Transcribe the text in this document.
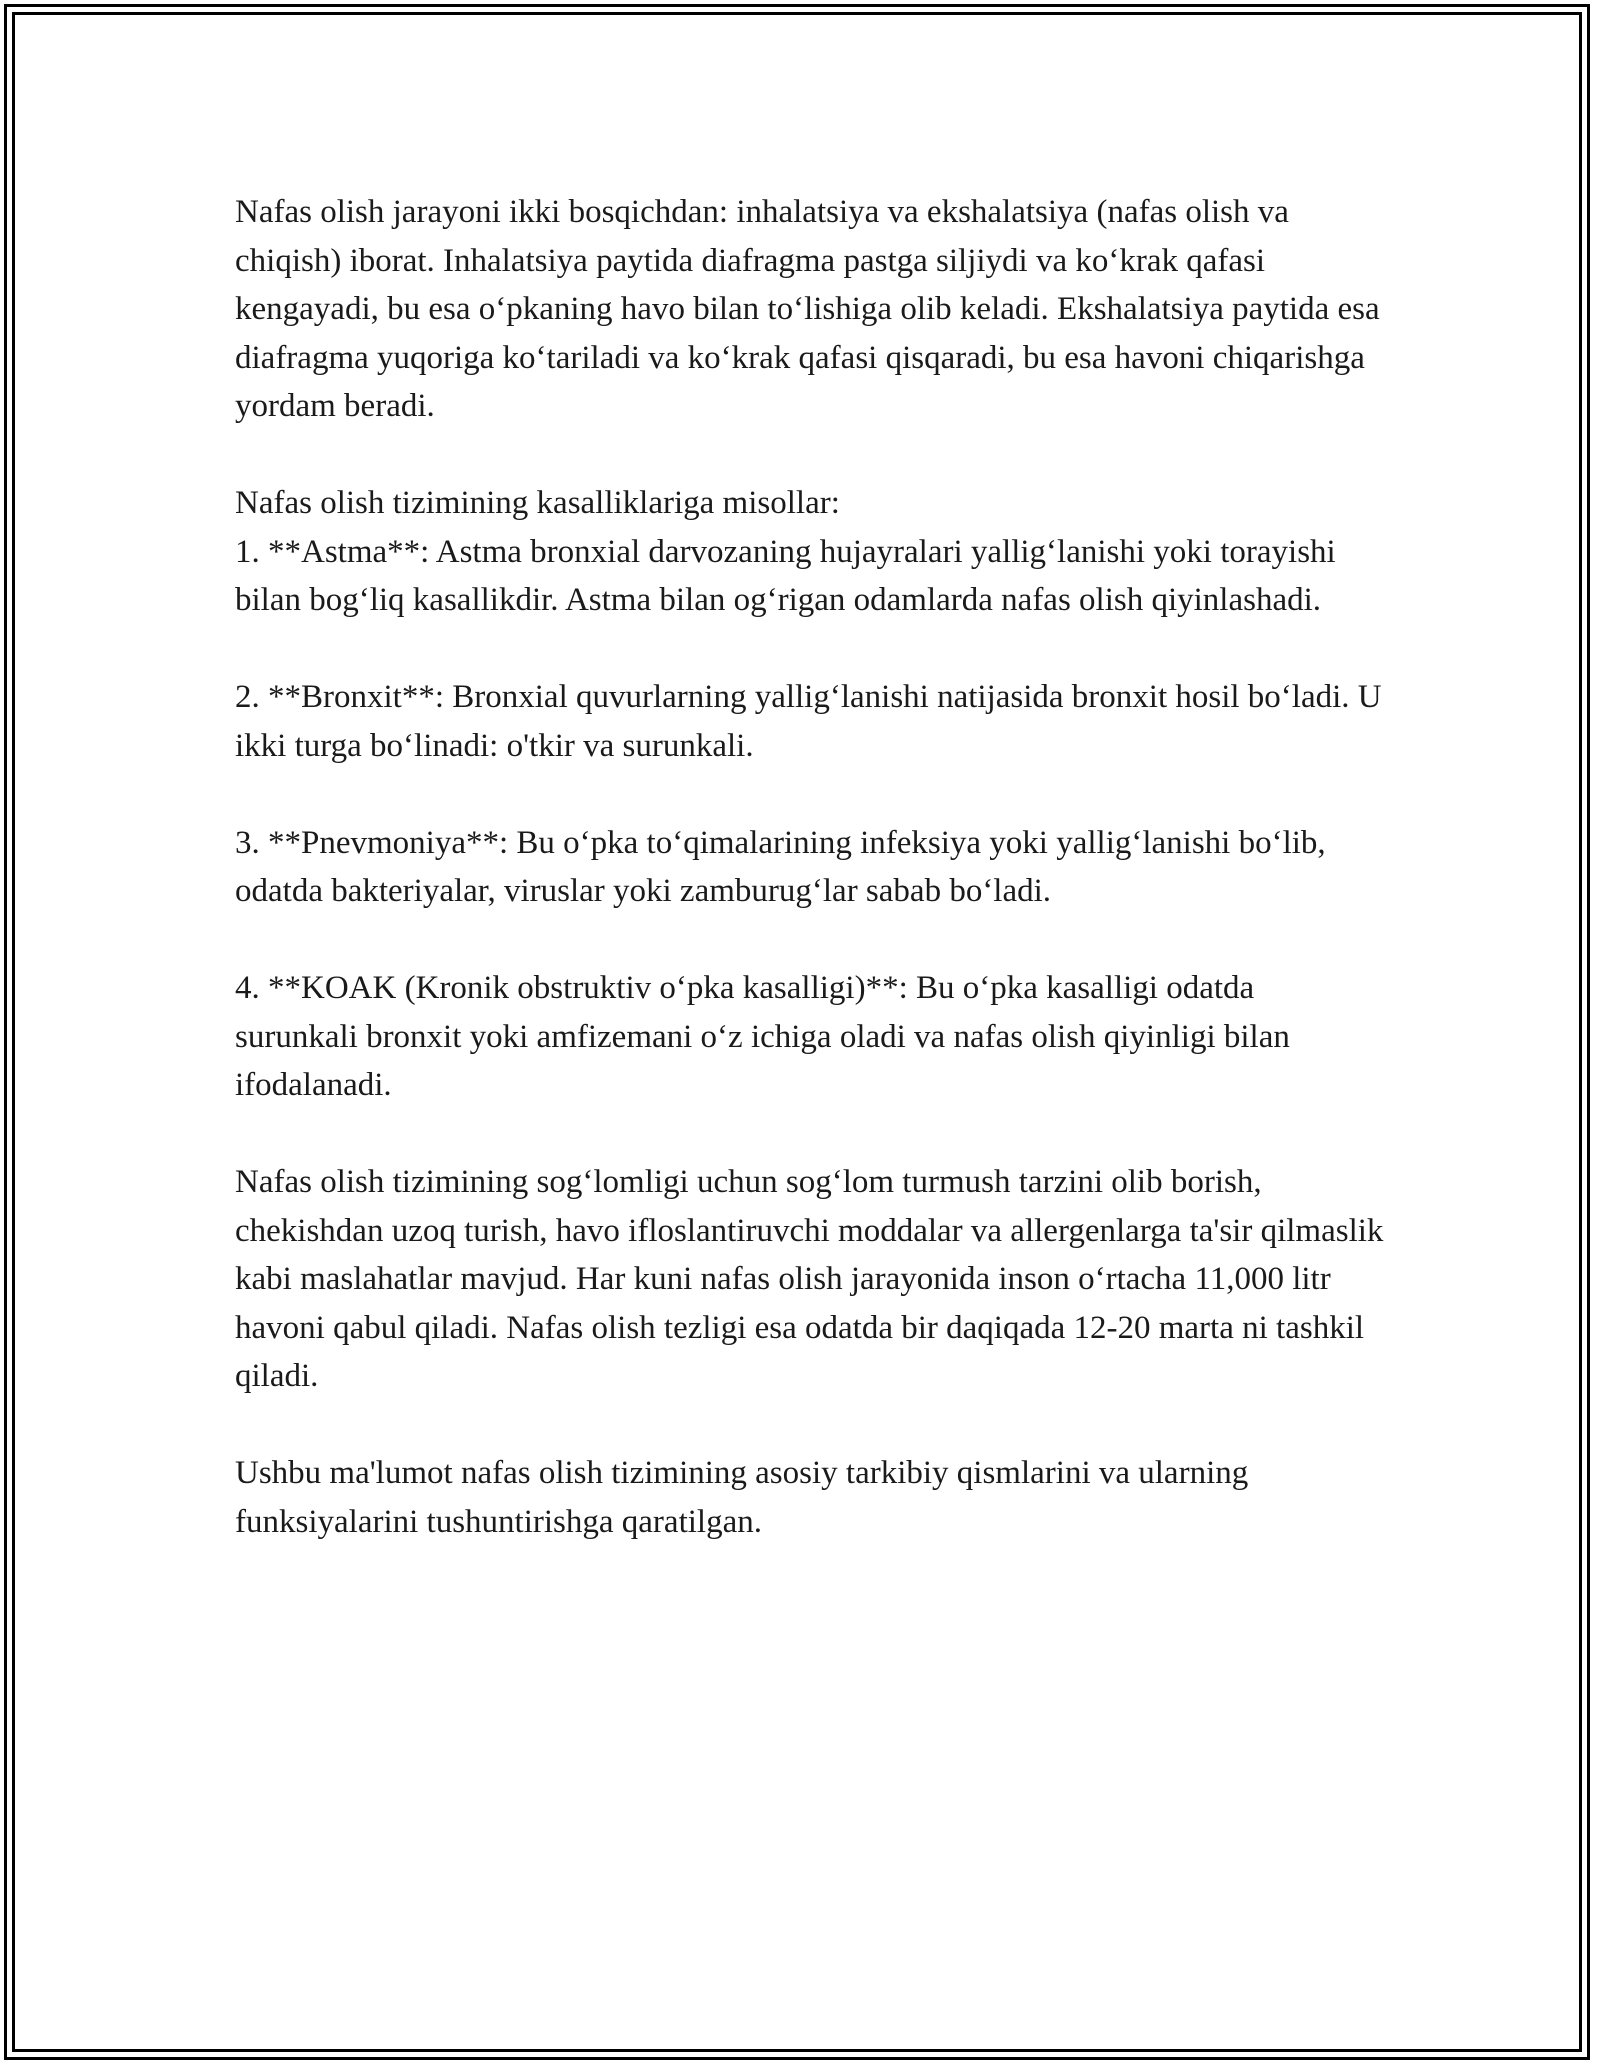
Nafas olish jarayoni ikki bosqichdan: inhalatsiya va ekshalatsiya (nafas olish va chiqish) iborat. Inhalatsiya paytida diafragma pastga siljiydi va ko‘krak qafasi kengayadi, bu esa o‘pkaning havo bilan to‘lishiga olib keladi. Ekshalatsiya paytida esa diafragma yuqoriga ko‘tariladi va ko‘krak qafasi qisqaradi, bu esa havoni chiqarishga yordam beradi.

Nafas olish tizimining kasalliklariga misollar:

1. **Astma**: Astma bronxial darvozaning hujayralari yallig‘lanishi yoki torayishi bilan bog‘liq kasallikdir. Astma bilan og‘rigan odamlarda nafas olish qiyinlashadi.

2. **Bronxit**: Bronxial quvurlarning yallig‘lanishi natijasida bronxit hosil bo‘ladi. U ikki turga bo‘linadi: o'tkir va surunkali.

3. **Pnevmoniya**: Bu o‘pka to‘qimalarining infeksiya yoki yallig‘lanishi bo‘lib, odatda bakteriyalar, viruslar yoki zamburug‘lar sabab bo‘ladi.

4. **KOAK (Kronik obstruktiv o‘pka kasalligi)**: Bu o‘pka kasalligi odatda surunkali bronxit yoki amfizemani o‘z ichiga oladi va nafas olish qiyinligi bilan ifodalanadi.

Nafas olish tizimining sog‘lomligi uchun sog‘lom turmush tarzini olib borish, chekishdan uzoq turish, havo ifloslantiruvchi moddalar va allergenlarga ta'sir qilmaslik kabi maslahatlar mavjud. Har kuni nafas olish jarayonida inson o‘rtacha 11,000 litr havoni qabul qiladi. Nafas olish tezligi esa odatda bir daqiqada 12-20 marta ni tashkil qiladi.

Ushbu ma'lumot nafas olish tizimining asosiy tarkibiy qismlarini va ularning funksiyalarini tushuntirishga qaratilgan.
